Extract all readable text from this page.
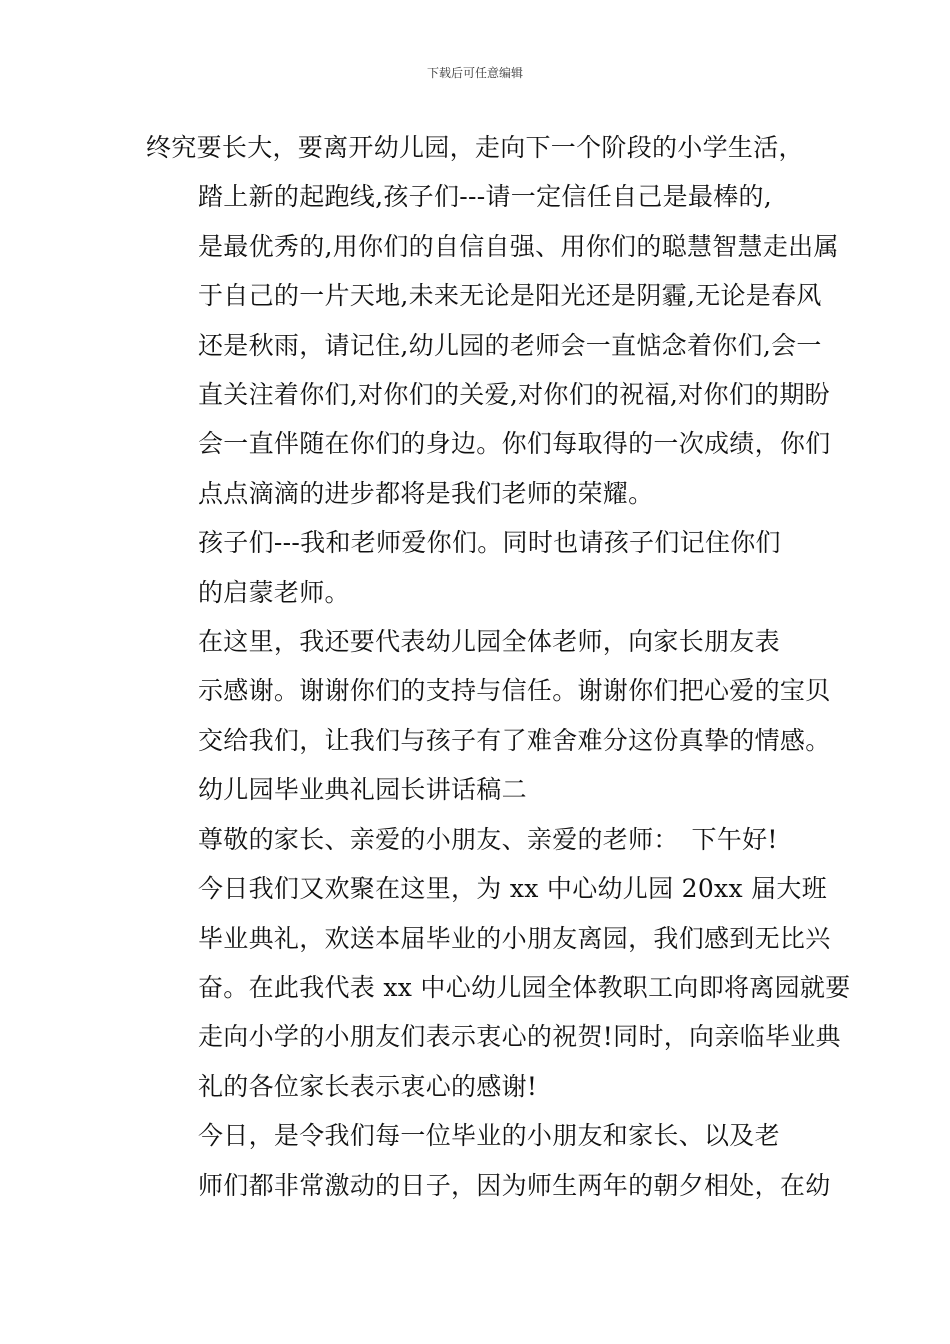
下载后可任意编辑

终究要长大，要离开幼儿园，走向下一个阶段的小学生活，

踏上新的起跑线,孩子们---请一定信任自己是最棒的,
是最优秀的,用你们的自信自强、用你们的聪慧智慧走出属
于自己的一片天地,未来无论是阳光还是阴霾,无论是春风
还是秋雨，请记住,幼儿园的老师会一直惦念着你们,会一
直关注着你们,对你们的关爱,对你们的祝福,对你们的期盼
会一直伴随在你们的身边。你们每取得的一次成绩，你们
点点滴滴的进步都将是我们老师的荣耀。

孩子们---我和老师爱你们。同时也请孩子们记住你们
的启蒙老师。

在这里，我还要代表幼儿园全体老师，向家长朋友表
示感谢。谢谢你们的支持与信任。谢谢你们把心爱的宝贝
交给我们，让我们与孩子有了难舍难分这份真挚的情感。

幼儿园毕业典礼园长讲话稿二

尊敬的家长、亲爱的小朋友、亲爱的老师：　下午好!

今日我们又欢聚在这里，为 xx 中心幼儿园 20xx 届大班
毕业典礼，欢送本届毕业的小朋友离园，我们感到无比兴
奋。在此我代表 xx 中心幼儿园全体教职工向即将离园就要
走向小学的小朋友们表示衷心的祝贺!同时，向亲临毕业典
礼的各位家长表示衷心的感谢!

今日，是令我们每一位毕业的小朋友和家长、以及老
师们都非常激动的日子，因为师生两年的朝夕相处，在幼
